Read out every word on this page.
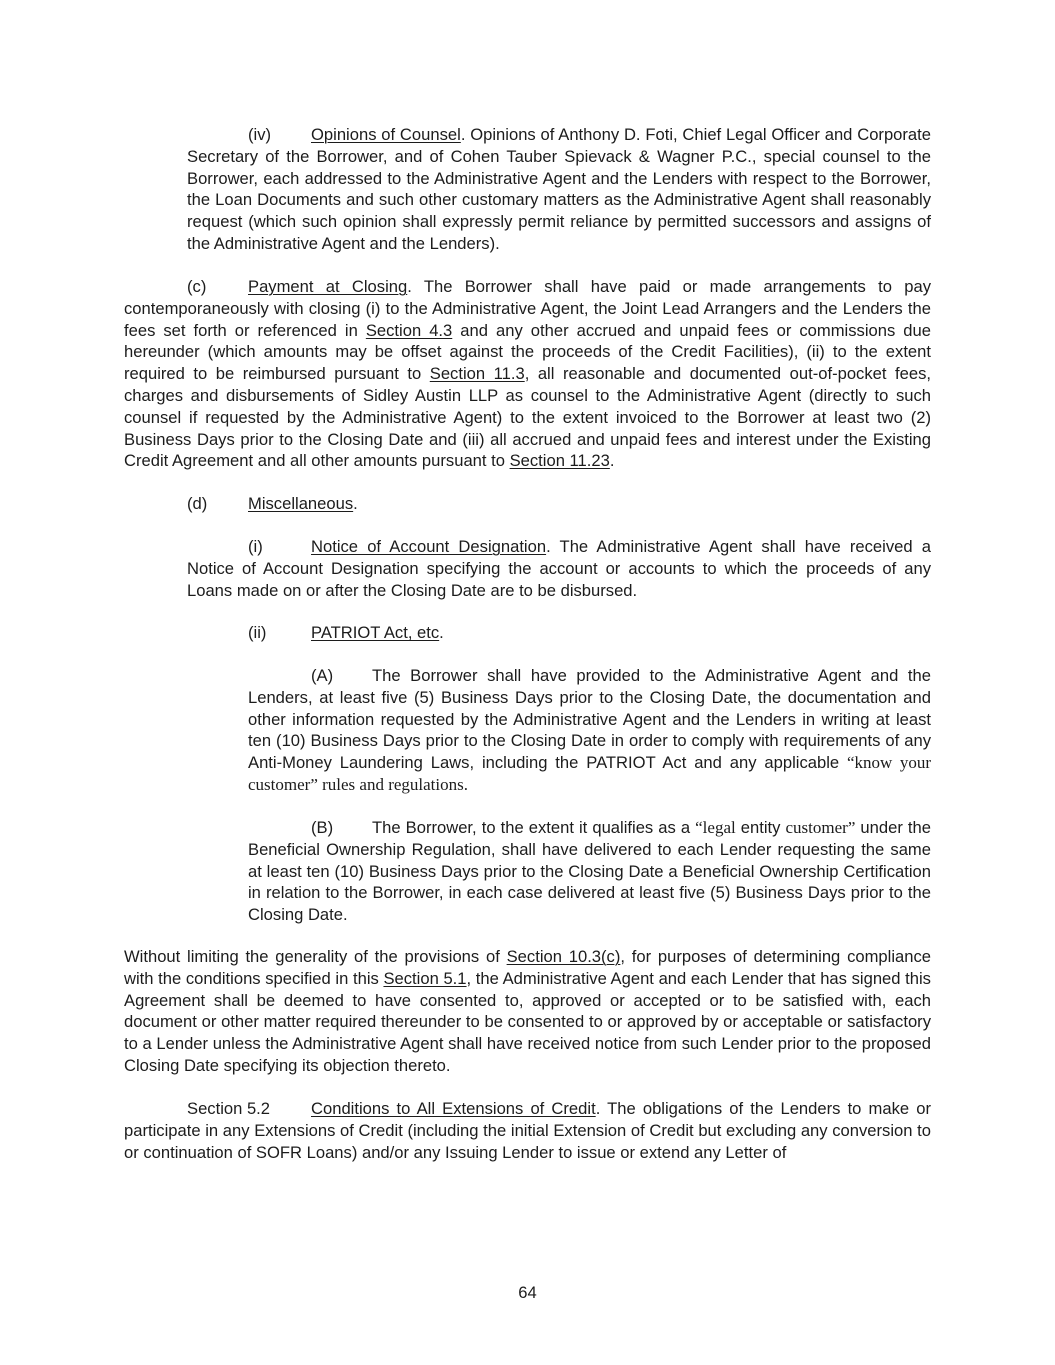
(iv) Opinions of Counsel. Opinions of Anthony D. Foti, Chief Legal Officer and Corporate Secretary of the Borrower, and of Cohen Tauber Spievack & Wagner P.C., special counsel to the Borrower, each addressed to the Administrative Agent and the Lenders with respect to the Borrower, the Loan Documents and such other customary matters as the Administrative Agent shall reasonably request (which such opinion shall expressly permit reliance by permitted successors and assigns of the Administrative Agent and the Lenders).

(c)	Payment at Closing. The Borrower shall have paid or made arrangements to pay contemporaneously with closing (i) to the Administrative Agent, the Joint Lead Arrangers and the Lenders the fees set forth or referenced in Section 4.3 and any other accrued and unpaid fees or commissions due hereunder (which amounts may be offset against the proceeds of the Credit Facilities), (ii) to the extent required to be reimbursed pursuant to Section 11.3, all reasonable and documented out-of-pocket fees, charges and disbursements of Sidley Austin LLP as counsel to the Administrative Agent (directly to such counsel if requested by the Administrative Agent) to the extent invoiced to the Borrower at least two (2) Business Days prior to the Closing Date and (iii) all accrued and unpaid fees and interest under the Existing Credit Agreement and all other amounts pursuant to Section 11.23.

(d) Miscellaneous.

(i)	Notice of Account Designation. The Administrative Agent shall have received a Notice of Account Designation specifying the account or accounts to which the proceeds of any Loans made on or after the Closing Date are to be disbursed.

(ii)	PATRIOT Act, etc.

(A) The Borrower shall have provided to the Administrative Agent and the Lenders, at least five (5) Business Days prior to the Closing Date, the documentation and other information requested by the Administrative Agent and the Lenders in writing at least ten (10) Business Days prior to the Closing Date in order to comply with requirements of any Anti-Money Laundering Laws, including the PATRIOT Act and any applicable “know your customer” rules and regulations.

(B) The Borrower, to the extent it qualifies as a “legal entity customer” under the Beneficial Ownership Regulation, shall have delivered to each Lender requesting the same at least ten (10) Business Days prior to the Closing Date a Beneficial Ownership Certification in relation to the Borrower, in each case delivered at least five (5) Business Days prior to the Closing Date.

Without limiting the generality of the provisions of Section 10.3(c), for purposes of determining compliance with the conditions specified in this Section 5.1, the Administrative Agent and each Lender that has signed this Agreement shall be deemed to have consented to, approved or accepted or to be satisfied with, each document or other matter required thereunder to be consented to or approved by or acceptable or satisfactory to a Lender unless the Administrative Agent shall have received notice from such Lender prior to the proposed Closing Date specifying its objection thereto.

Section 5.2 Conditions to All Extensions of Credit. The obligations of the Lenders to make or participate in any Extensions of Credit (including the initial Extension of Credit but excluding any conversion to or continuation of SOFR Loans) and/or any Issuing Lender to issue or extend any Letter of

64
